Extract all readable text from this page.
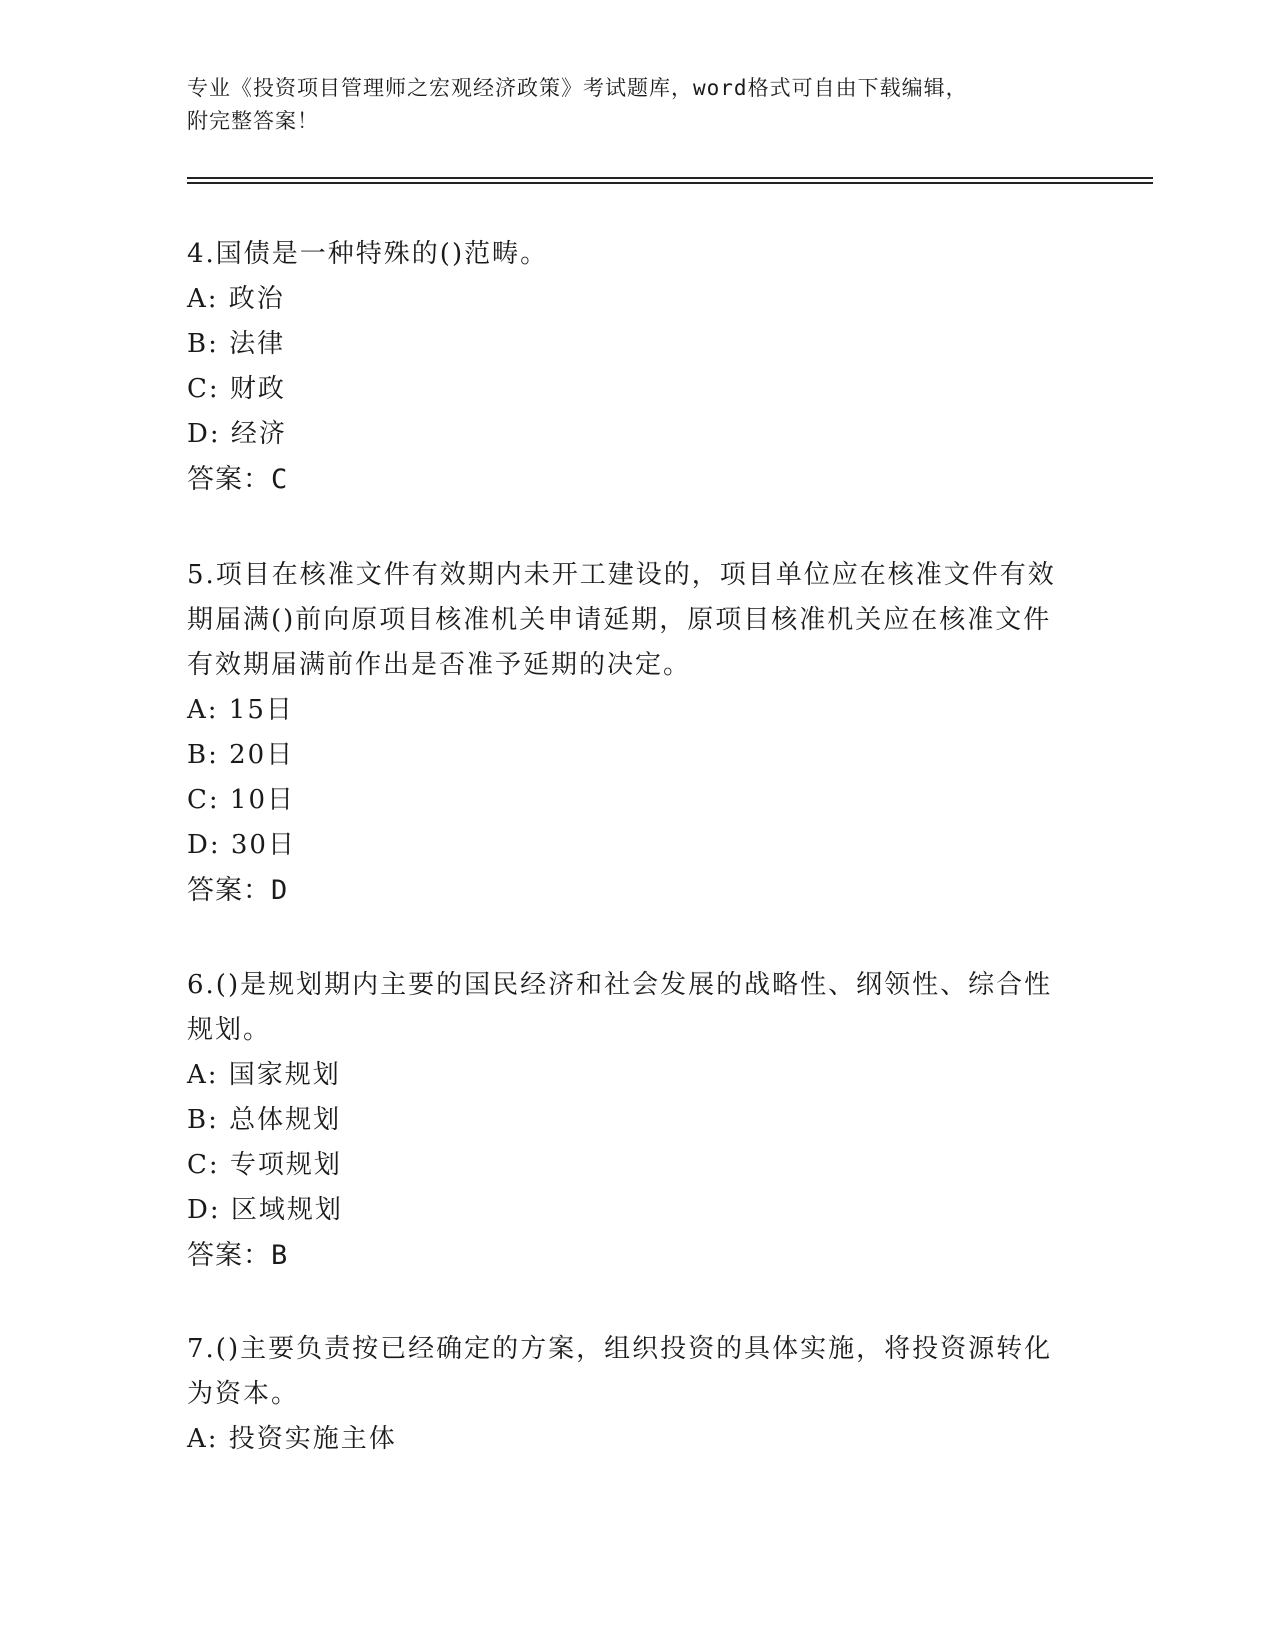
专业《投资项目管理师之宏观经济政策》考试题库，word格式可自由下载编辑，
附完整答案！

4.国债是一种特殊的()范畴。

A: 政治

B: 法律

C: 财政

D: 经济

答案：C

5.项目在核准文件有效期内未开工建设的，项目单位应在核准文件有效期届满()前向原项目核准机关申请延期，原项目核准机关应在核准文件有效期届满前作出是否准予延期的决定。

A: 15日

B: 20日

C: 10日

D: 30日

答案：D

6.()是规划期内主要的国民经济和社会发展的战略性、纲领性、综合性规划。

A: 国家规划

B: 总体规划

C: 专项规划

D: 区域规划

答案：B

7.()主要负责按已经确定的方案，组织投资的具体实施，将投资源转化为资本。

A: 投资实施主体
